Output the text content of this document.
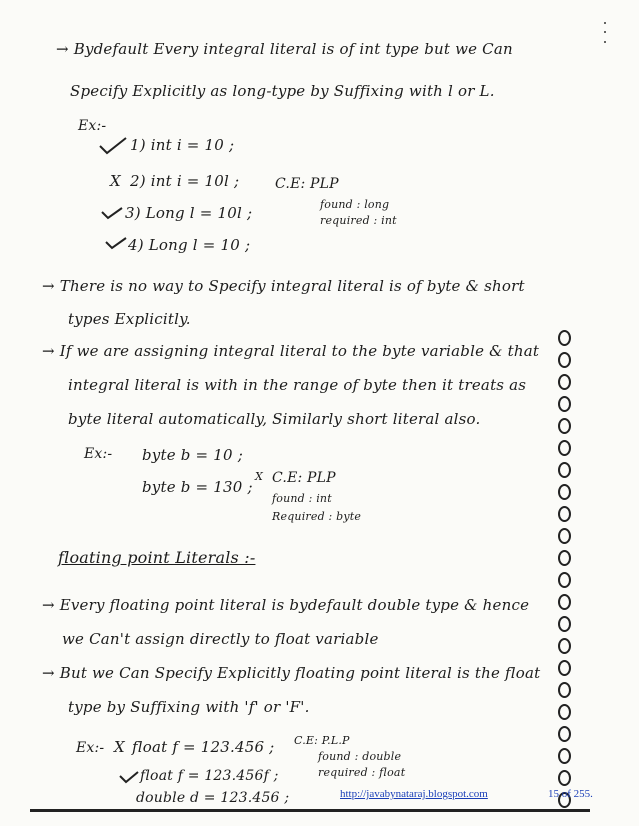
→ Bydefault Every integral literal is of int type but we Can
Specify Explicitly as long-type by Suffixing with l or L.
Ex:-
1) int i = 10 ;
X 2) int i = 10l ;	C.E: PLP
found : long
required : int
3) Long l = 10l ;
4) Long l = 10 ;
→ There is no way to Specify integral literal is of byte & short
types Explicitly.
→ If we are assigning integral literal to the byte variable & that
integral literal is with in the range of byte then it treats as
byte literal automatically, Similarly short literal also.
Ex:- byte b = 10 ;
byte b = 130 ;
X C.E: PLP
found : int
Required : byte
floating point Literals :-
→ Every floating point literal is bydefault double type & hence
we Can't assign directly to float variable
→ But we Can Specify Explicitly floating point literal is the float
type by Suffixing with 'f' or 'F'.
Ex:- X float f = 123.456 ; C.E: P.L.P
found : double
required : float
float f = 123.456f ;
double d = 123.456 ;	http://javabynataraj.blogspot.com	15 of 255.
